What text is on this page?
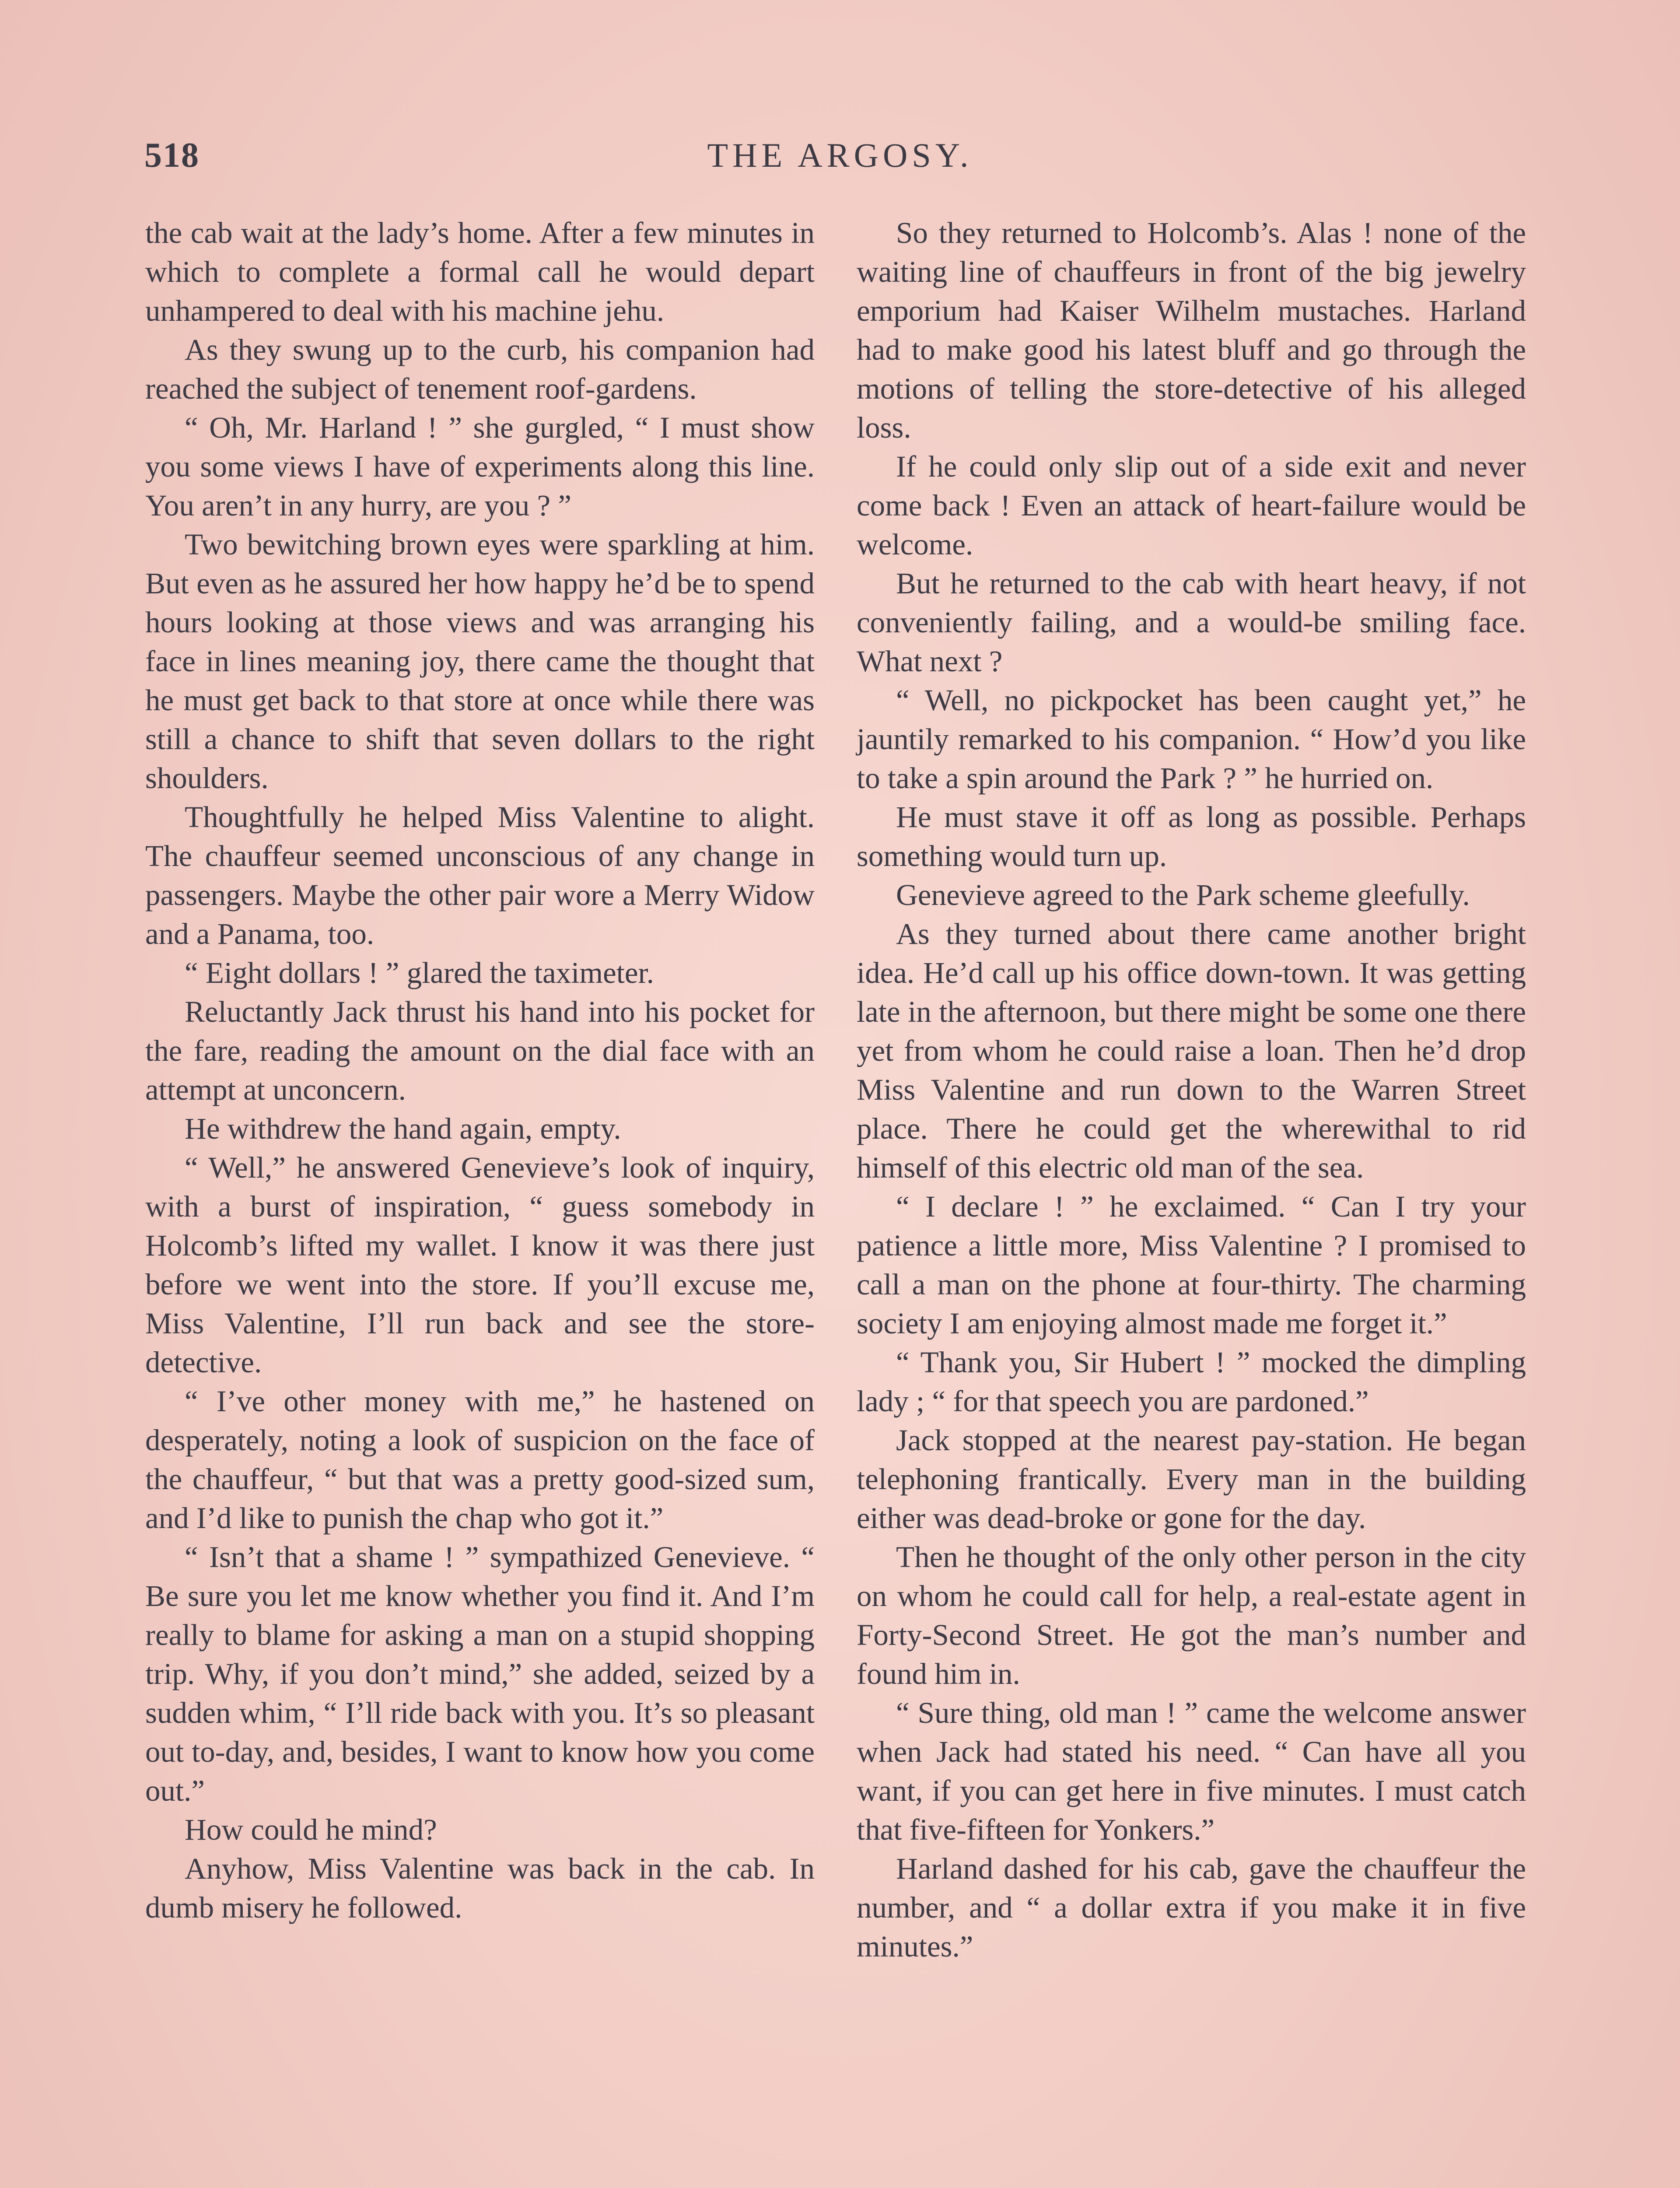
518	THE ARGOSY.

the cab wait at the lady’s home. After a few minutes in which to complete a formal call he would depart unhampered to deal with his machine jehu.

As they swung up to the curb, his companion had reached the subject of tenement roof-gardens.

“ Oh, Mr. Harland ! ” she gurgled, “ I must show you some views I have of experiments along this line. You aren’t in any hurry, are you ? ”

Two bewitching brown eyes were sparkling at him. But even as he assured her how happy he’d be to spend hours looking at those views and was arranging his face in lines meaning joy, there came the thought that he must get back to that store at once while there was still a chance to shift that seven dollars to the right shoulders.

Thoughtfully he helped Miss Valentine to alight. The chauffeur seemed unconscious of any change in passengers. Maybe the other pair wore a Merry Widow and a Panama, too.

“ Eight dollars ! ” glared the taximeter.

Reluctantly Jack thrust his hand into his pocket for the fare, reading the amount on the dial face with an attempt at unconcern.

He withdrew the hand again, empty.

“ Well,” he answered Genevieve’s look of inquiry, with a burst of inspiration, “ guess somebody in Holcomb’s lifted my wallet. I know it was there just before we went into the store. If you’ll excuse me, Miss Valentine, I’ll run back and see the store-detective.

“ I’ve other money with me,” he hastened on desperately, noting a look of suspicion on the face of the chauffeur, “ but that was a pretty good-sized sum, and I’d like to punish the chap who got it.”

“ Isn’t that a shame ! ” sympathized Genevieve. “ Be sure you let me know whether you find it. And I’m really to blame for asking a man on a stupid shopping trip. Why, if you don’t mind,” she added, seized by a sudden whim, “ I’ll ride back with you. It’s so pleasant out to-day, and, besides, I want to know how you come out.”

How could he mind?

Anyhow, Miss Valentine was back in the cab. In dumb misery he followed.

So they returned to Holcomb’s. Alas ! none of the waiting line of chauffeurs in front of the big jewelry emporium had Kaiser Wilhelm mustaches. Harland had to make good his latest bluff and go through the motions of telling the store-detective of his alleged loss.

If he could only slip out of a side exit and never come back ! Even an attack of heart-failure would be welcome.

But he returned to the cab with heart heavy, if not conveniently failing, and a would-be smiling face. What next ?

“ Well, no pickpocket has been caught yet,” he jauntily remarked to his companion. “ How’d you like to take a spin around the Park ? ” he hurried on.

He must stave it off as long as possible. Perhaps something would turn up.

Genevieve agreed to the Park scheme gleefully.

As they turned about there came another bright idea. He’d call up his office down-town. It was getting late in the afternoon, but there might be some one there yet from whom he could raise a loan. Then he’d drop Miss Valentine and run down to the Warren Street place. There he could get the wherewithal to rid himself of this electric old man of the sea.

“ I declare ! ” he exclaimed. “ Can I try your patience a little more, Miss Valentine ? I promised to call a man on the phone at four-thirty. The charming society I am enjoying almost made me forget it.”

“ Thank you, Sir Hubert ! ” mocked the dimpling lady ; “ for that speech you are pardoned.”

Jack stopped at the nearest pay-station. He began telephoning frantically. Every man in the building either was dead-broke or gone for the day.

Then he thought of the only other person in the city on whom he could call for help, a real-estate agent in Forty-Second Street. He got the man’s number and found him in.

“ Sure thing, old man ! ” came the welcome answer when Jack had stated his need. “ Can have all you want, if you can get here in five minutes. I must catch that five-fifteen for Yonkers.”

Harland dashed for his cab, gave the chauffeur the number, and “ a dollar extra if you make it in five minutes.”
